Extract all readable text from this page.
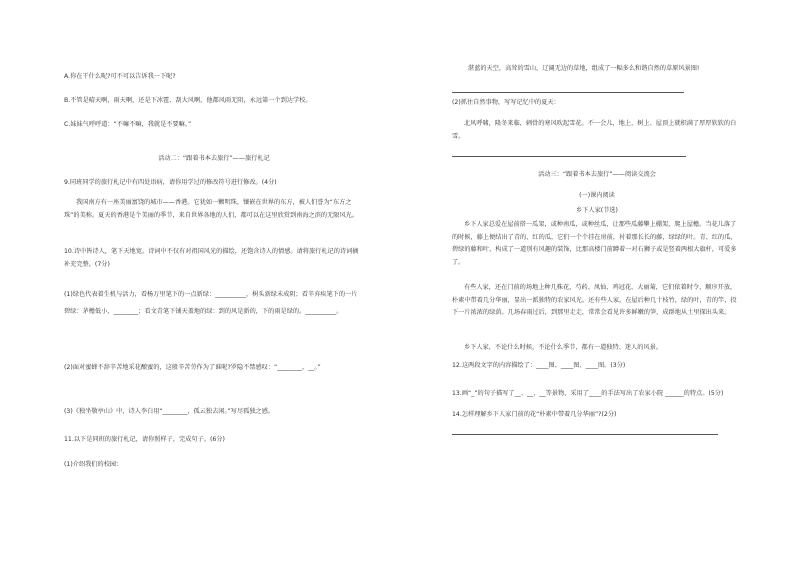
A.你在干什么呢?可不可以告诉我一下呢?
B.不管是晴天啊，雨天啊，还是下冰雹、刮大风啊，他都风雨无阻，永远第一个到达学校。
C.妹妹气呼呼道：“不嘛不嘛，我就是不要嘛。”
活动二：“跟着书本去旅行”——旅行札记
9.同班同学的旅行札记中有四处语病，请你用学过的修改符号进行修改。(4分)
我国南方有一座美丽富饶的城市——香港。它犹如一颗明珠，镶嵌在世界的东方，被人们誉为“东方之珠”的美称。夏天的香港是个美丽的季节，来自世界各地的人们，都可以在这里欣赏到南海之滨的无限风光。
10.诗中皆诗人，笔下天地宽。诗词中不仅有对祖国风光的描绘，还饱含诗人的情感。请将旅行札记的诗词摘补充完整。(7分)
(1)绿色代表着生机与活力，看杨万里笔下的一点新绿：__________，树头新绿未成阴；看辛弃疾笔下的一片碧绿：茅檐低小，________；看文青笔下铺天盖地的绿：到的风是新的，下的雨是绿的。__________。
(2)面对蜜蜂不辞辛苦地采花酿蜜的，这般辛苦劳作为了谁呢?罗隐不禁感叹：“________，__。”
(3)《独坐敬亭山》中，诗人李白用“________，孤云独去闲。”写尽孤独之感。
11.以下是同班的旅行札记，请你照样子，完成句子。(6分)
(1)介绍我们的校园：
湛蓝的天空，高耸的雪山，辽阔无边的草地，组成了一幅多么和谐自然的草原风景图!
(2)抓住自然事物，写写记忆中的夏天：
北风呼啸，隆冬来临，刺骨的寒风吹起雪花。不一会儿，地上、树上、屋顶上就积满了厚厚软软的白雪。
活动三：“跟着书本去旅行”——阅读交流会
(一)课内阅读
乡下人家(节选)
乡下人家总爱在屋前搭一瓜架，或种南瓜，或种丝瓜，让那些瓜藤攀上棚架，爬上屋檐。当花儿落了的时候，藤上便结出了青的、红的瓜，它们一个个挂在房前，衬着那长长的藤，绿绿的叶。青、红的瓜，碧绿的藤和叶，构成了一道别有风趣的装饰，比那高楼门前蹲着一对石狮子或是竖着两根大旗杆，可爱多了。
有些人家，还在门前的场地上种几株花，芍药、凤仙、鸡冠花、大丽菊，它们依着时令，顺序开放，朴素中带着几分华丽，显出一派独特的农家风光。还有些人家，在屋后种几十枝竹，绿的叶，青的竿，投下一片浓浓的绿荫。几场春雨过后，到那里走走，常常会看见许多鲜嫩的笋，成群地从土里探出头来。
乡下人家，不论什么时候，不论什么季节，都有一道独特、迷人的风景。
12.这两段文字的内容描绘了：____图、____图、____图。(3分)
13.画“_”的句子描写了__、__、__等景物，采用了____的手法写出了农家小院 ______的特点。(5分)
14.怎样理解乡下人家门前的花“朴素中带着几分华丽”?(2分)
